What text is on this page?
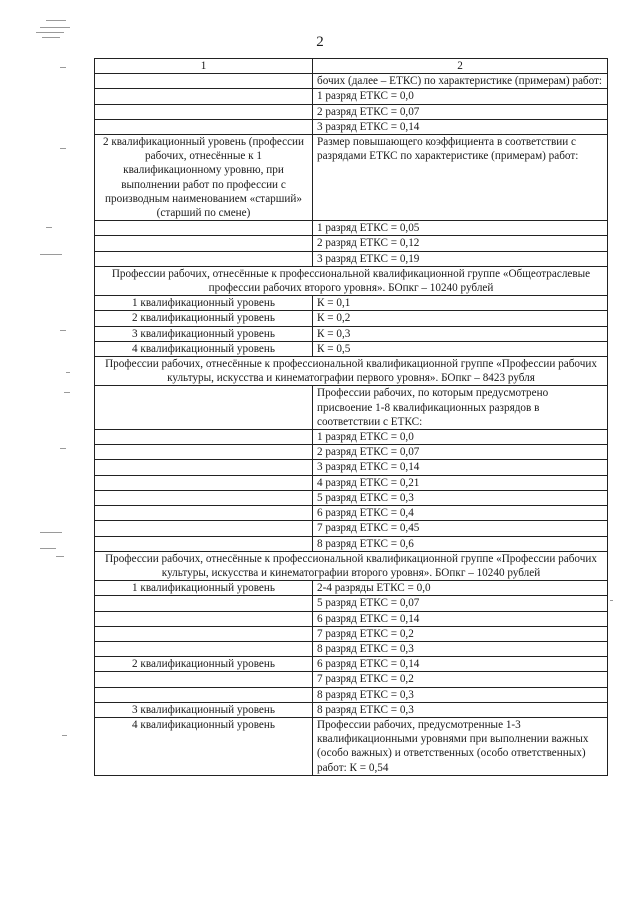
2
1	2
	бочих (далее – ЕТКС) по характеристике (примерам) работ:
	1 разряд ЕТКС = 0,0
	2 разряд ЕТКС = 0,07
	3 разряд ЕТКС = 0,14
2 квалификационный уровень (профессии рабочих, отнесённые к 1 квалификационному уровню, при выполнении работ по профессии с производным наименованием «старший» (старший по смене)	Размер повышающего коэффициента в соответствии с разрядами ЕТКС по характеристике (примерам) работ:
	1 разряд ЕТКС = 0,05
	2 разряд ЕТКС = 0,12
	3 разряд ЕТКС = 0,19
Профессии рабочих, отнесённые к профессиональной квалификационной группе «Общеотраслевые профессии рабочих второго уровня». БОпкг – 10240 рублей	
1 квалификационный уровень	К = 0,1
2 квалификационный уровень	К = 0,2
3 квалификационный уровень	К = 0,3
4 квалификационный уровень	К = 0,5
Профессии рабочих, отнесённые к профессиональной квалификационной группе «Профессии рабочих культуры, искусства и кинематографии первого уровня». БОпкг – 8423 рубля	
	Профессии рабочих, по которым предусмотрено присвоение 1-8 квалификационных разрядов в соответствии с ЕТКС:
	1 разряд ЕТКС = 0,0
	2 разряд ЕТКС = 0,07
	3 разряд ЕТКС = 0,14
	4 разряд ЕТКС = 0,21
	5 разряд ЕТКС = 0,3
	6 разряд ЕТКС = 0,4
	7 разряд ЕТКС = 0,45
	8 разряд ЕТКС = 0,6
Профессии рабочих, отнесённые к профессиональной квалификационной группе «Профессии рабочих культуры, искусства и кинематографии второго уровня». БОпкг – 10240 рублей	
1 квалификационный уровень	2-4 разряды ЕТКС = 0,0
	5 разряд ЕТКС = 0,07
	6 разряд ЕТКС = 0,14
	7 разряд ЕТКС = 0,2
	8 разряд ЕТКС = 0,3
2 квалификационный уровень	6 разряд ЕТКС = 0,14
	7 разряд ЕТКС = 0,2
	8 разряд ЕТКС = 0,3
3 квалификационный уровень	8 разряд ЕТКС = 0,3
4 квалификационный уровень	Профессии рабочих, предусмотренные 1-3 квалификационными уровнями при выполнении важных (особо важных) и ответственных (особо ответственных) работ: К = 0,54
